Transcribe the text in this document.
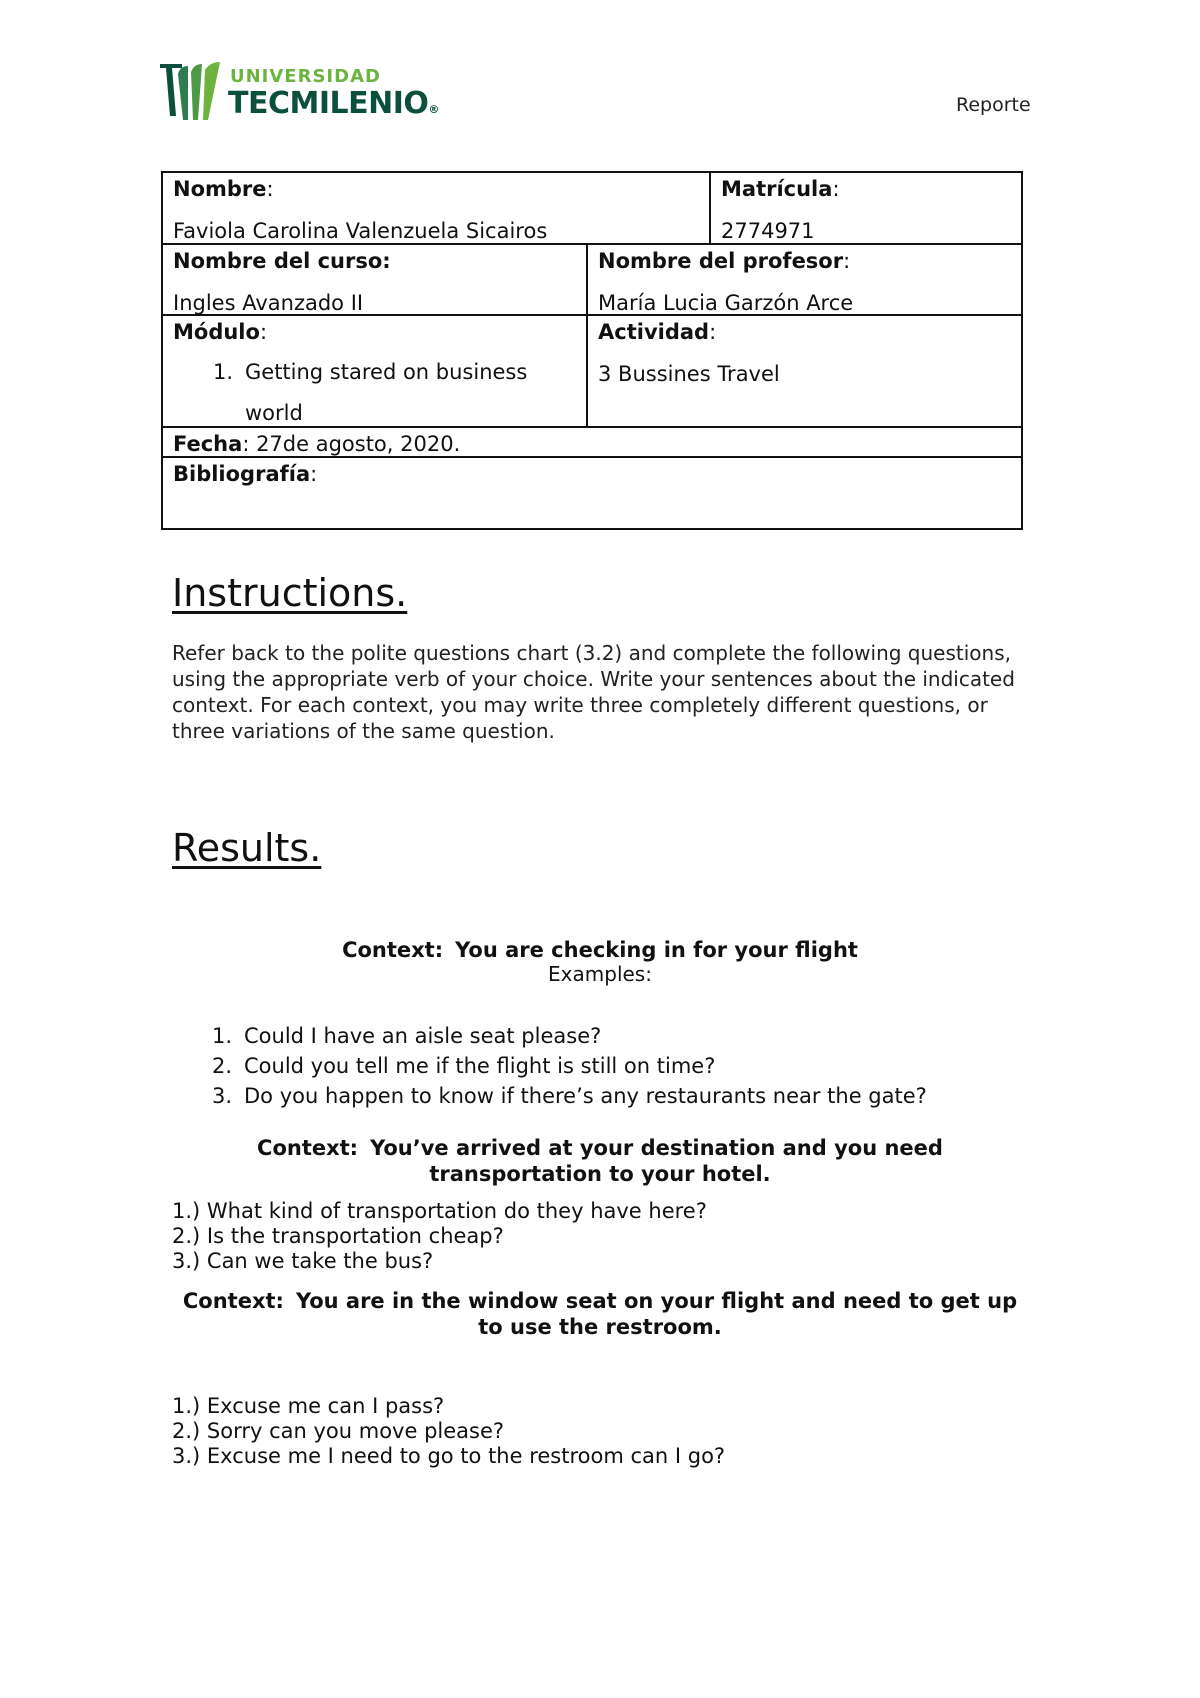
UNIVERSIDAD
TECMILENIO®	Reporte
Nombre:
Faviola Carolina Valenzuela Sicairos
Matrícula:
2774971
Nombre del curso:
Ingles Avanzado II
Nombre del profesor:
María Lucia Garzón Arce
Módulo:
1. Getting stared on business world
Actividad:
3 Bussines Travel
Fecha: 27de agosto, 2020.
Bibliografía:
Instructions.
Refer back to the polite questions chart (3.2) and complete the following questions, using the appropriate verb of your choice. Write your sentences about the indicated context. For each context, you may write three completely different questions, or three variations of the same question.
Results.
Context: You are checking in for your flight
Examples:
1. Could I have an aisle seat please?
2. Could you tell me if the flight is still on time?
3. Do you happen to know if there’s any restaurants near the gate?
Context: You’ve arrived at your destination and you need
transportation to your hotel.
1.) What kind of transportation do they have here?
2.) Is the transportation cheap?
3.) Can we take the bus?
Context: You are in the window seat on your flight and need to get up
to use the restroom.
1.) Excuse me can I pass?
2.) Sorry can you move please?
3.) Excuse me I need to go to the restroom can I go?
